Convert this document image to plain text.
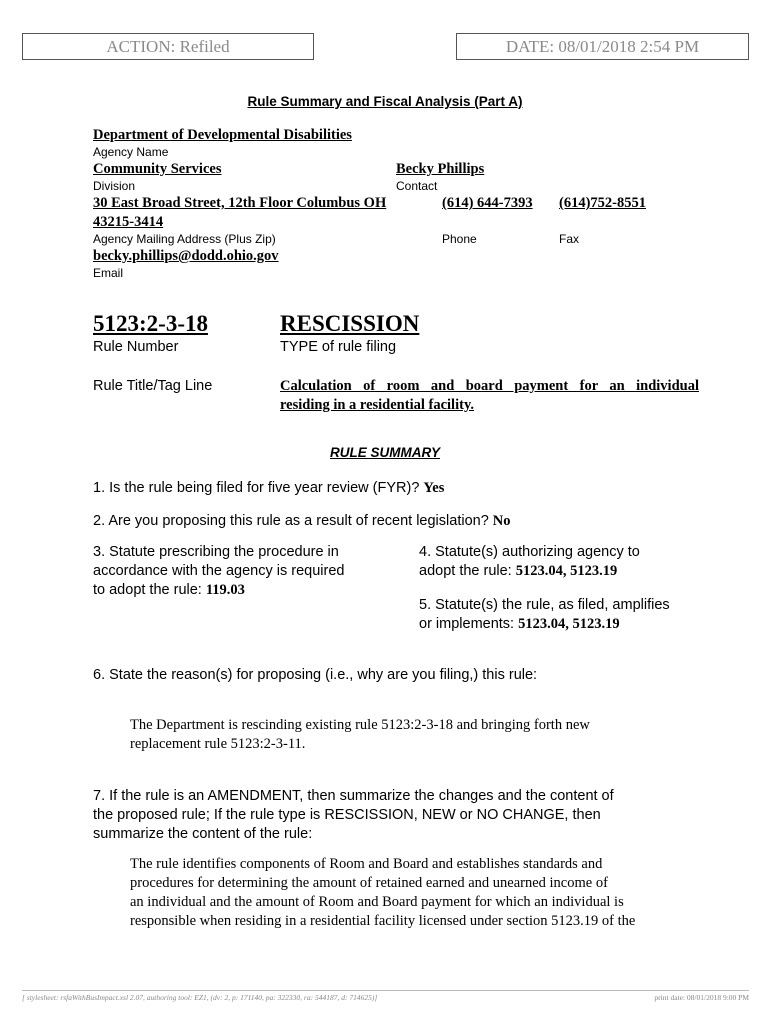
ACTION: Refiled	DATE: 08/01/2018 2:54 PM
Rule Summary and Fiscal Analysis (Part A)
Department of Developmental Disabilities
Agency Name
Community Services
Division
Becky Phillips
Contact
30 East Broad Street, 12th Floor Columbus OH
43215-3414
(614) 644-7393 (614)752-8551
Agency Mailing Address (Plus Zip)	Phone	Fax
becky.phillips@dodd.ohio.gov
Email
5123:2-3-18
Rule Number
RESCISSION
TYPE of rule filing
Rule Title/Tag Line	Calculation of room and board payment for an individual
residing in a residential facility.
RULE SUMMARY
1. Is the rule being filed for five year review (FYR)? Yes
2. Are you proposing this rule as a result of recent legislation? No
3. Statute prescribing the procedure in
accordance with the agency is required
to adopt the rule: 119.03
4. Statute(s) authorizing agency to
adopt the rule: 5123.04, 5123.19
5. Statute(s) the rule, as filed, amplifies
or implements: 5123.04, 5123.19
6. State the reason(s) for proposing (i.e., why are you filing,) this rule:
The Department is rescinding existing rule 5123:2-3-18 and bringing forth new
replacement rule 5123:2-3-11.
7. If the rule is an AMENDMENT, then summarize the changes and the content of
the proposed rule; If the rule type is RESCISSION, NEW or NO CHANGE, then
summarize the content of the rule:
The rule identifies components of Room and Board and establishes standards and
procedures for determining the amount of retained earned and unearned income of
an individual and the amount of Room and Board payment for which an individual is
responsible when residing in a residential facility licensed under section 5123.19 of the
[ stylesheet: rsfaWithBusImpact.xsl 2.07, authoring tool: EZ1, (dv: 2, p: 171140, pa: 322330, ra: 544187, d: 714625)]	print date: 08/01/2018 9:00 PM
